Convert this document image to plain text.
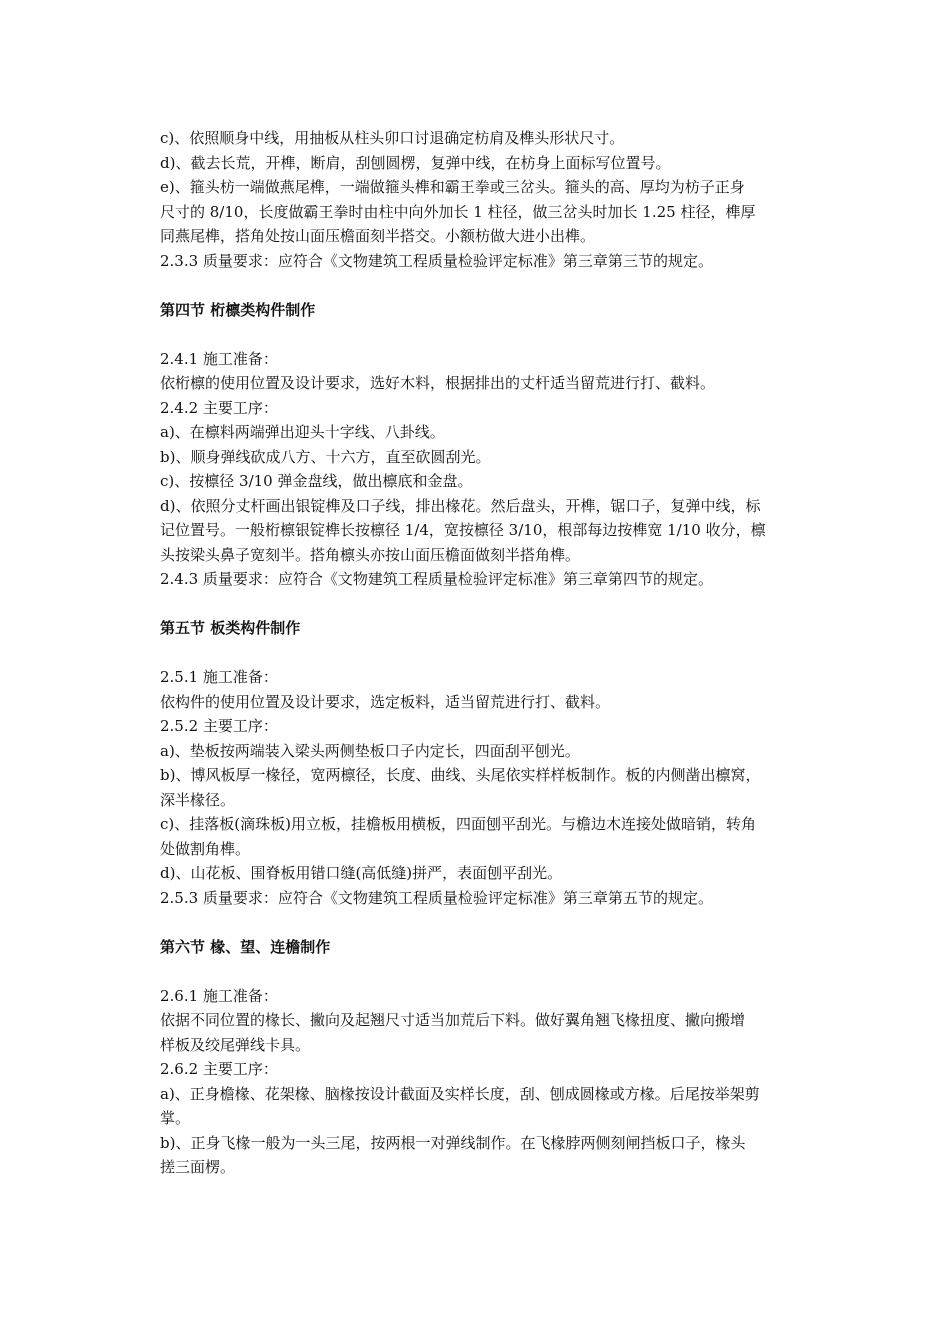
c)、依照顺身中线，用抽板从柱头卯口讨退确定枋肩及榫头形状尺寸。

d)、截去长荒，开榫，断肩，刮刨圆楞，复弹中线，在枋身上面标写位置号。

e)、箍头枋一端做燕尾榫，一端做箍头榫和霸王拳或三岔头。箍头的高、厚均为枋子正身

尺寸的 8/10，长度做霸王拳时由柱中向外加长 1 柱径，做三岔头时加长 1.25 柱径，榫厚

同燕尾榫，搭角处按山面压檐面刻半搭交。小额枋做大进小出榫。

2.3.3 质量要求：应符合《文物建筑工程质量检验评定标准》第三章第三节的规定。

第四节 桁檩类构件制作

2.4.1 施工准备：

依桁檩的使用位置及设计要求，选好木料，根据排出的丈杆适当留荒进行打、截料。

2.4.2 主要工序：

a)、在檩料两端弹出迎头十字线、八卦线。

b)、顺身弹线砍成八方、十六方，直至砍圆刮光。

c)、按檩径 3/10 弹金盘线，做出檩底和金盘。

d)、依照分丈杆画出银锭榫及口子线，排出椽花。然后盘头，开榫，锯口子，复弹中线，标

记位置号。一般桁檩银锭榫长按檩径 1/4，宽按檩径 3/10，根部每边按榫宽 1/10 收分，檩

头按梁头鼻子宽刻半。搭角檩头亦按山面压檐面做刻半搭角榫。

2.4.3 质量要求：应符合《文物建筑工程质量检验评定标准》第三章第四节的规定。

第五节 板类构件制作

2.5.1 施工准备：

依构件的使用位置及设计要求，选定板料，适当留荒进行打、截料。

2.5.2 主要工序：

a)、垫板按两端装入梁头两侧垫板口子内定长，四面刮平刨光。

b)、博风板厚一椽径，宽两檩径，长度、曲线、头尾依实样样板制作。板的内侧凿出檩窝，

深半椽径。

c)、挂落板(滴珠板)用立板，挂檐板用横板，四面刨平刮光。与檐边木连接处做暗销，转角

处做割角榫。

d)、山花板、围脊板用错口缝(高低缝)拼严，表面刨平刮光。

2.5.3 质量要求：应符合《文物建筑工程质量检验评定标准》第三章第五节的规定。

第六节 椽、望、连檐制作

2.6.1 施工准备：

依据不同位置的椽长、撇向及起翘尺寸适当加荒后下料。做好翼角翘飞椽扭度、撇向搬增

样板及绞尾弹线卡具。

2.6.2 主要工序：

a)、正身檐椽、花架椽、脑椽按设计截面及实样长度，刮、刨成圆椽或方椽。后尾按举架剪

掌。

b)、正身飞椽一般为一头三尾，按两根一对弹线制作。在飞椽脖两侧刻闸挡板口子，椽头

搓三面楞。
